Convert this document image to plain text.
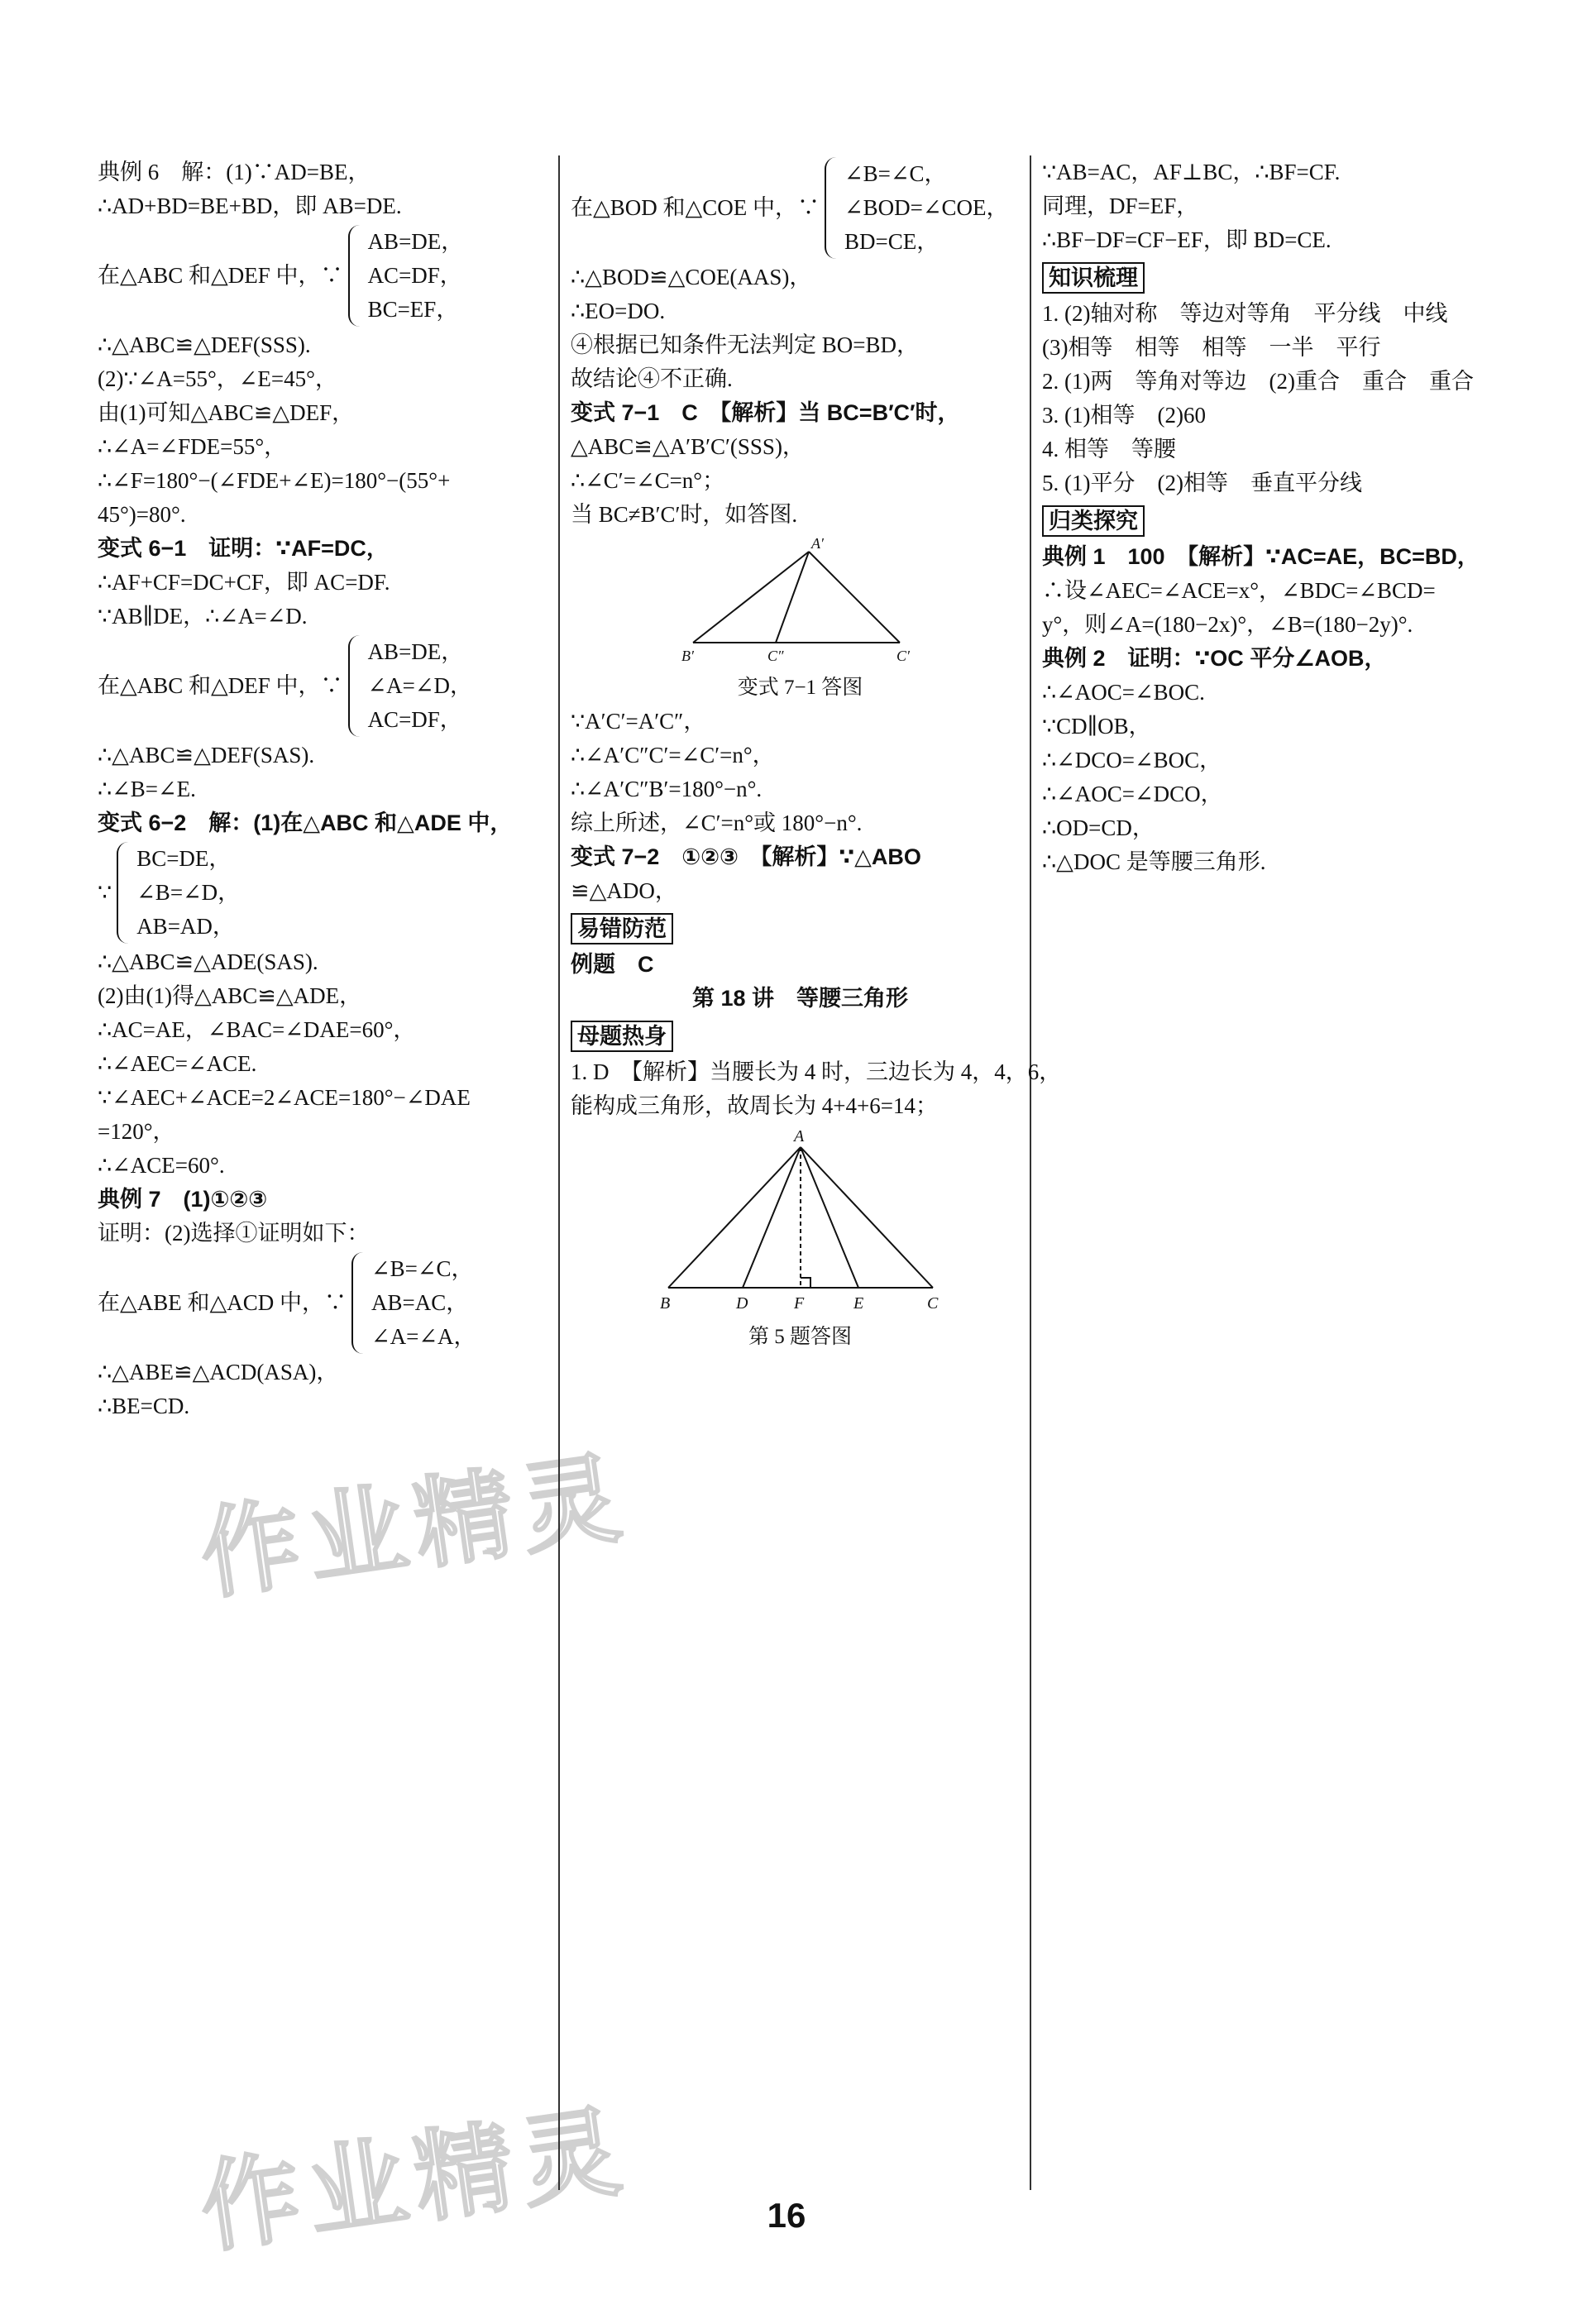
作业精灵
作业精灵
典例 6　解：(1)∵AD=BE，
∴AD+BD=BE+BD，即 AB=DE.
在△ABC 和△DEF 中，∵
AB=DE，
AC=DF，
BC=EF，
∴△ABC≌△DEF(SSS).
(2)∵∠A=55°，∠E=45°，
由(1)可知△ABC≌△DEF，
∴∠A=∠FDE=55°，
∴∠F=180°−(∠FDE+∠E)=180°−(55°+
45°)=80°.
变式 6−1　证明：∵AF=DC，
∴AF+CF=DC+CF，即 AC=DF.
∵AB∥DE，∴∠A=∠D.
在△ABC 和△DEF 中，∵
AB=DE，
∠A=∠D，
AC=DF，
∴△ABC≌△DEF(SAS).
∴∠B=∠E.
变式 6−2　解：(1)在△ABC 和△ADE 中，
∵
BC=DE，
∠B=∠D，
AB=AD，
∴△ABC≌△ADE(SAS).
(2)由(1)得△ABC≌△ADE，
∴AC=AE，∠BAC=∠DAE=60°，
∴∠AEC=∠ACE.
∵∠AEC+∠ACE=2∠ACE=180°−∠DAE
=120°，
∴∠ACE=60°.
典例 7　(1)①②③
证明：(2)选择①证明如下：
在△ABE 和△ACD 中，∵
∠B=∠C，
AB=AC，
∠A=∠A，
∴△ABE≌△ACD(ASA)，
∴BE=CD.
在△BOD 和△COE 中，∵
∠B=∠C，
∠BOD=∠COE，
BD=CE，
∴△BOD≌△COE(AAS)，
∴EO=DO.
④根据已知条件无法判定 BO=BD，
故结论④不正确.
变式 7−1　C　【解析】当 BC=B′C′时，
△ABC≌△A′B′C′(SSS)，
∴∠C′=∠C=n°；
当 BC≠B′C′时，如答图.
A′
B′	C″	C′
变式 7−1 答图
∵A′C′=A′C″，
∴∠A′C″C′=∠C′=n°，
∴∠A′C″B′=180°−n°.
综上所述，∠C′=n°或 180°−n°.
变式 7−2　①②③　【解析】∵△ABO
≌△ADO，
易错防范
例题　C
第 18 讲　等腰三角形
母题热身
1. D　【解析】当腰长为 4 时，三边长为 4，4，6，
能构成三角形，故周长为 4+4+6=14；
A
B	D	F	E	C
第 5 题答图
∵AB=AC，AF⊥BC，∴BF=CF.
同理，DF=EF，
∴BF−DF=CF−EF，即 BD=CE.
知识梳理
1. (2)轴对称　等边对等角　平分线　中线
(3)相等　相等　相等　一半　平行
2. (1)两　等角对等边　(2)重合　重合　重合
3. (1)相等　(2)60
4. 相等　等腰
5. (1)平分　(2)相等　垂直平分线
归类探究
典例 1　100　【解析】∵AC=AE，BC=BD，
∴设∠AEC=∠ACE=x°，∠BDC=∠BCD=
y°，则∠A=(180−2x)°，∠B=(180−2y)°.
典例 2　证明：∵OC 平分∠AOB，
∴∠AOC=∠BOC.
∵CD∥OB，
∴∠DCO=∠BOC，
∴∠AOC=∠DCO，
∴OD=CD，
∴△DOC 是等腰三角形.
16
